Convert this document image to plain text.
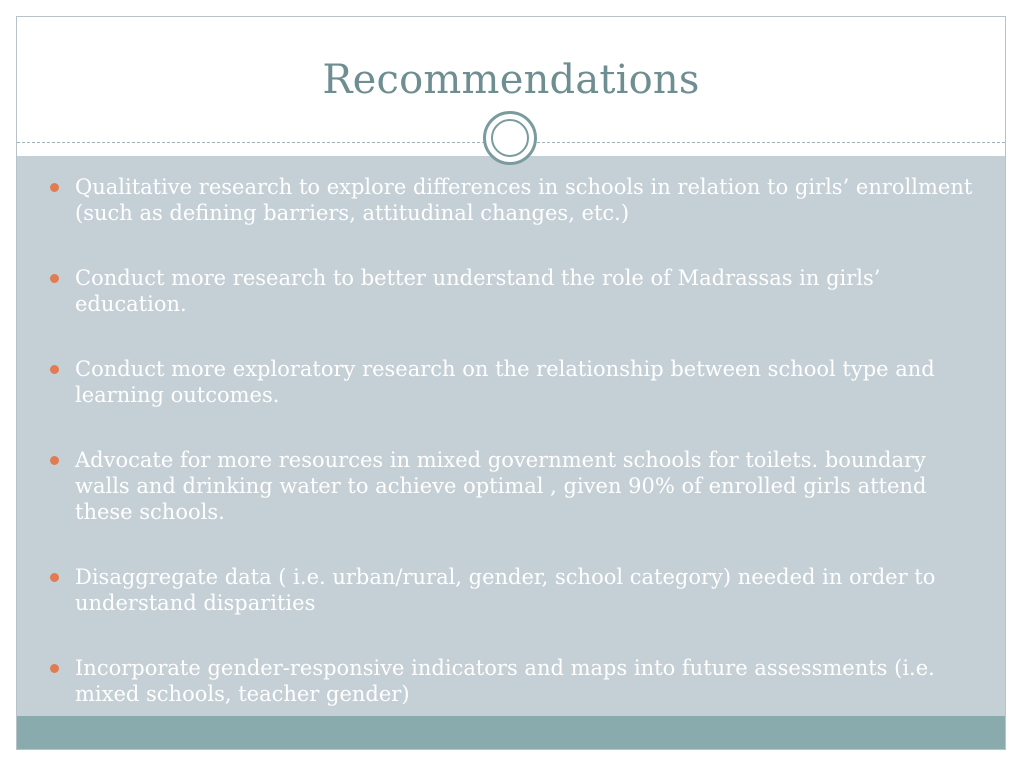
Recommendations
Qualitative research to explore differences in schools in relation to girls’ enrollment (such as defining barriers, attitudinal changes, etc.)
Conduct more research to better understand the role of Madrassas in girls’ education.
Conduct more exploratory research on the relationship between school type and learning outcomes.
Advocate for more resources in mixed government schools for toilets. boundary walls and drinking water to achieve optimal , given 90% of enrolled girls attend these schools.
Disaggregate data ( i.e. urban/rural, gender, school category) needed in order to understand disparities
Incorporate gender-responsive indicators and maps into future assessments (i.e. mixed schools, teacher gender)
